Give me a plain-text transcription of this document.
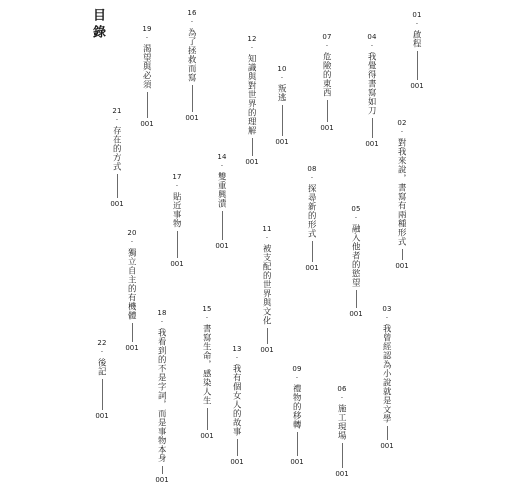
目錄	01
·
啟程
001
02
·
對我來說，書寫有兩種形式
001
03
·
我曾經認為小說就是文學
001
04
·
我覺得書寫如刀
001
05
·
融入他者的慾望
001
06
·
施工現場
001
07
·
危險的東西
001
08
·
探尋新的形式
001
09
·
禮物的移轉
001
10
·
叛逃
001
11
·
被支配的世界與文化
001
12
·
知識與對世界的理解
001
13
·
我有個女人的故事
001
14
·
雙重興潰
001
15
·
書寫生命，感染人生
001
16
·
為了拯救而寫
001
17
·
貼近事物
001
18
·
我看到的不是字詞，而是事物本身
001
19
·
渴望與必須
001
20
·
獨立自主的有機體
001
21
·
存在的方式
001
22
·
後記
001
